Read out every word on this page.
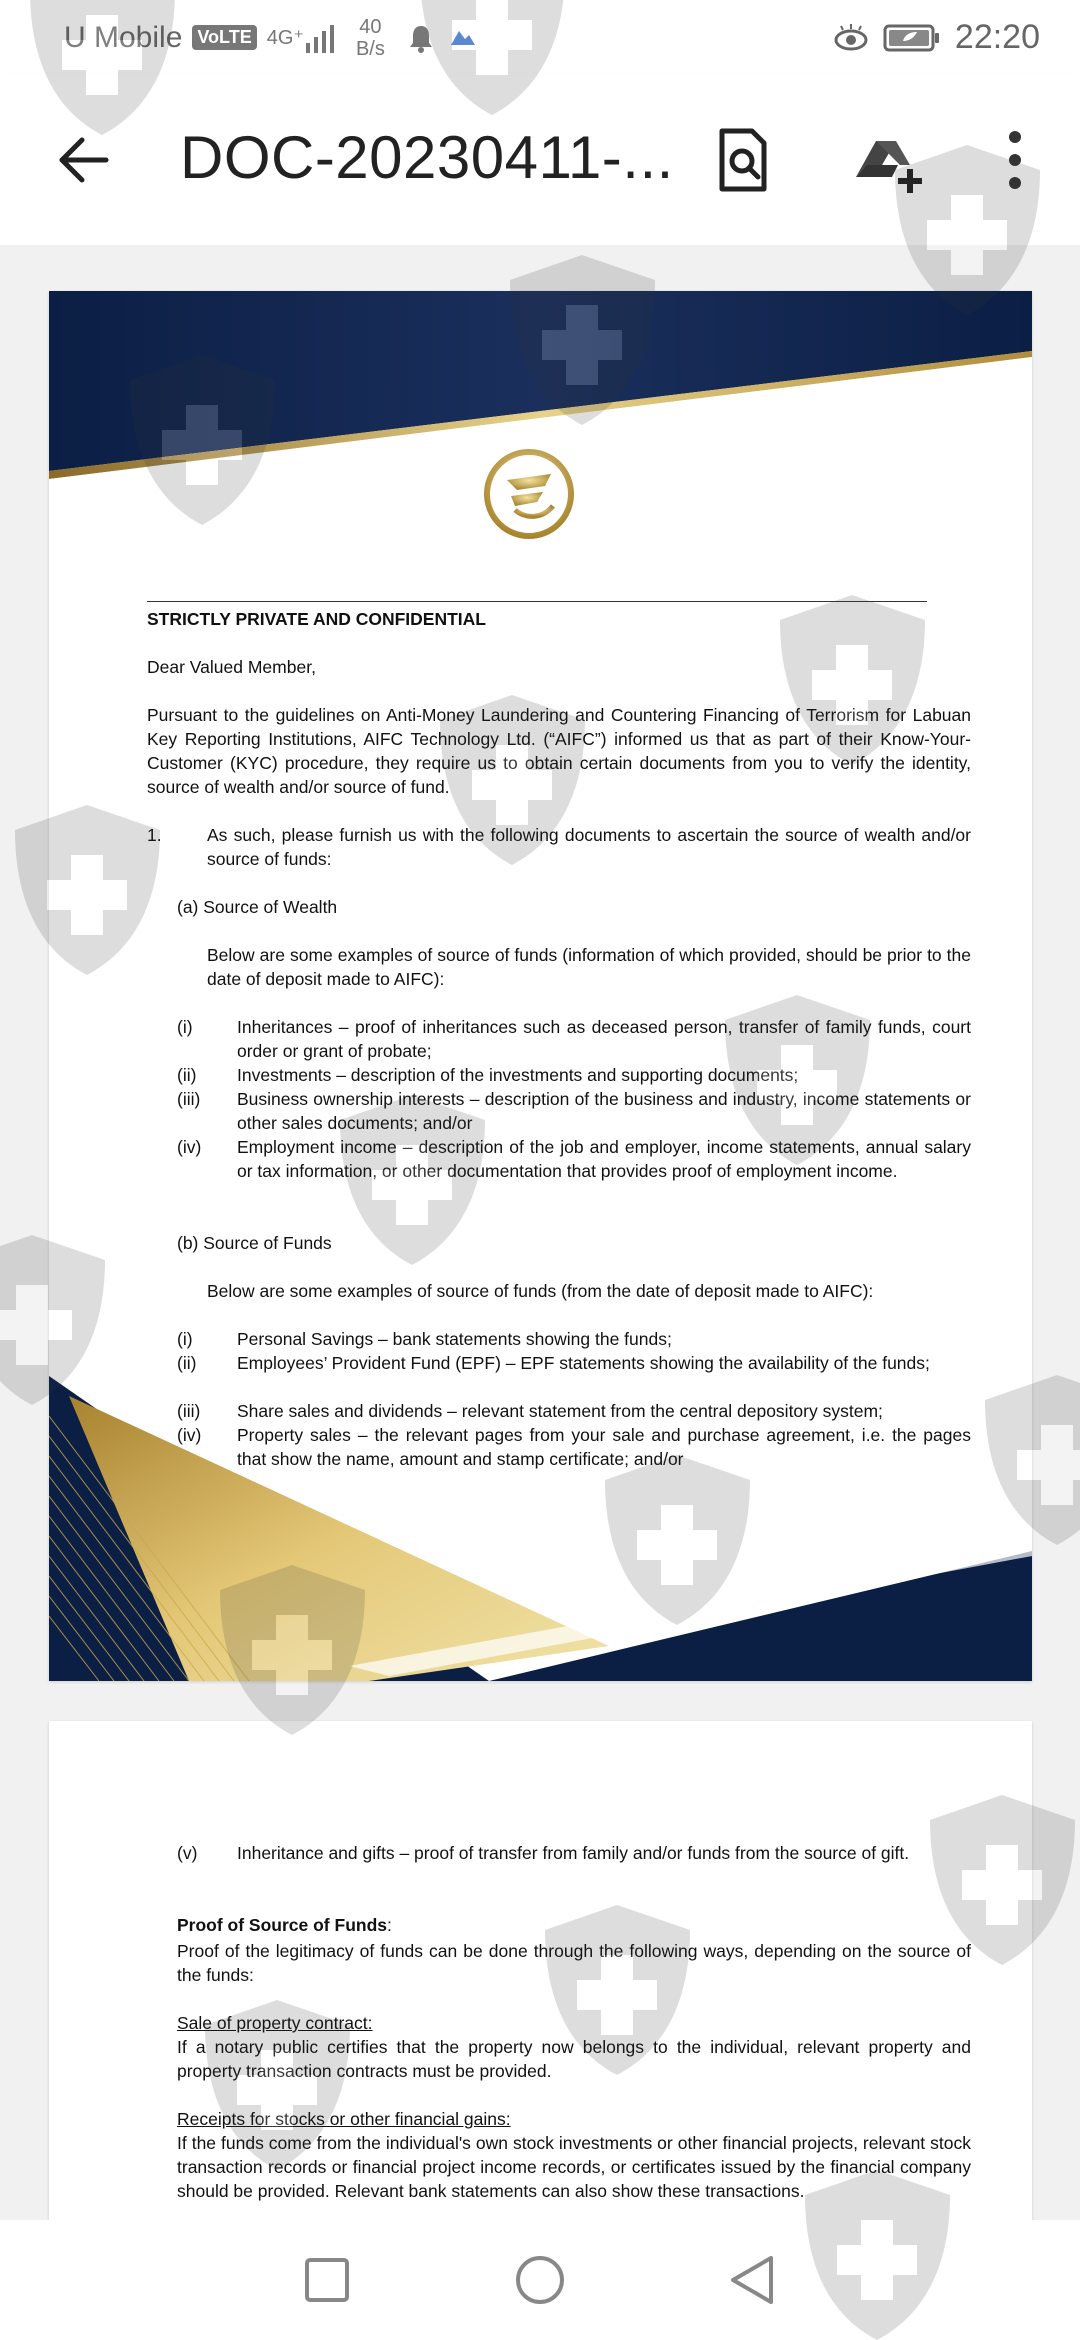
U Mobile VoLTE 4G⁺
40
B/s	22:20
DOC-20230411-...
STRICTLY PRIVATE AND CONFIDENTIAL
Dear Valued Member,
Pursuant to the guidelines on Anti-Money Laundering and Countering Financing of Terrorism for Labuan Key Reporting Institutions, AIFC Technology Ltd. (“AIFC”) informed us that as part of their Know-Your-Customer (KYC) procedure, they require us to obtain certain documents from you to verify the identity, source of wealth and/or source of fund.
1.	As such, please furnish us with the following documents to ascertain the source of wealth and/or source of funds:
(a) Source of Wealth
Below are some examples of source of funds (information of which provided, should be prior to the date of deposit made to AIFC):
(i)	Inheritances – proof of inheritances such as deceased person, transfer of family funds, court order or grant of probate;
(ii) Investments – description of the investments and supporting documents;
(iii) Business ownership interests – description of the business and industry, income statements or other sales documents; and/or
(iv) Employment income – description of the job and employer, income statements, annual salary or tax information, or other documentation that provides proof of employment income.
(b) Source of Funds
Below are some examples of source of funds (from the date of deposit made to AIFC):
(i)	Personal Savings – bank statements showing the funds;
(ii) Employees’ Provident Fund (EPF) – EPF statements showing the availability of the funds;
(iii) Share sales and dividends – relevant statement from the central depository system;
(iv) Property sales – the relevant pages from your sale and purchase agreement, i.e. the pages that show the name, amount and stamp certificate; and/or
(v) Inheritance and gifts – proof of transfer from family and/or funds from the source of gift.
Proof of Source of Funds:
Proof of the legitimacy of funds can be done through the following ways, depending on the source of the funds:
Sale of property contract:
If a notary public certifies that the property now belongs to the individual, relevant property and property transaction contracts must be provided.
Receipts for stocks or other financial gains:
If the funds come from the individual's own stock investments or other financial projects, relevant stock transaction records or financial project income records, or certificates issued by the financial company should be provided. Relevant bank statements can also show these transactions.
